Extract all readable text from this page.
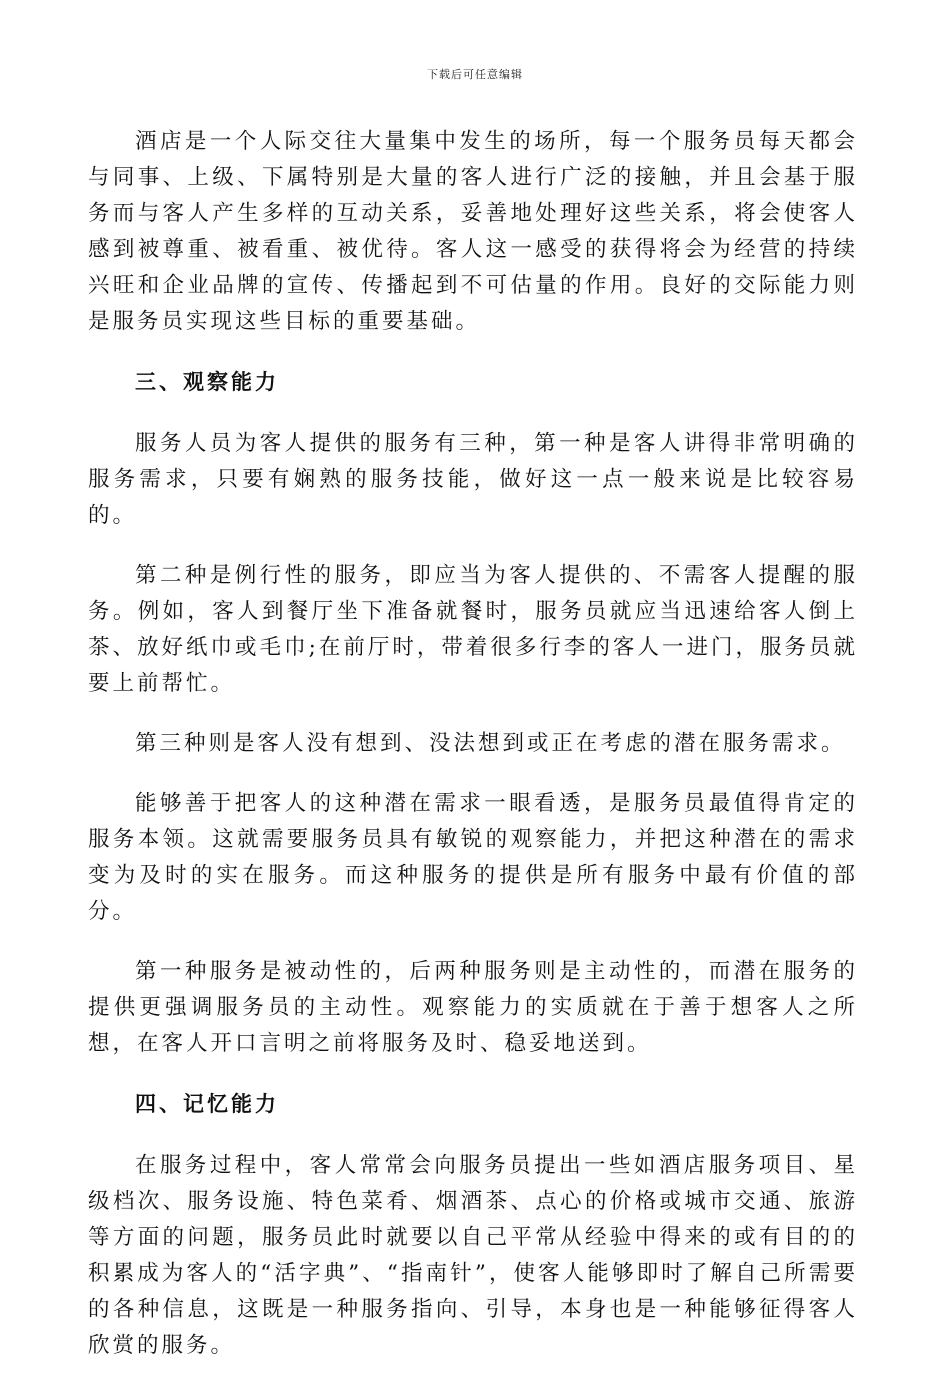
下载后可任意编辑

酒店是一个人际交往大量集中发生的场所，每一个服务员每天都会与同事、上级、下属特别是大量的客人进行广泛的接触，并且会基于服务而与客人产生多样的互动关系，妥善地处理好这些关系，将会使客人感到被尊重、被看重、被优待。客人这一感受的获得将会为经营的持续兴旺和企业品牌的宣传、传播起到不可估量的作用。良好的交际能力则是服务员实现这些目标的重要基础。

三、观察能力

服务人员为客人提供的服务有三种，第一种是客人讲得非常明确的服务需求，只要有娴熟的服务技能，做好这一点一般来说是比较容易的。

第二种是例行性的服务，即应当为客人提供的、不需客人提醒的服务。例如，客人到餐厅坐下准备就餐时，服务员就应当迅速给客人倒上茶、放好纸巾或毛巾;在前厅时，带着很多行李的客人一进门，服务员就要上前帮忙。

第三种则是客人没有想到、没法想到或正在考虑的潜在服务需求。

能够善于把客人的这种潜在需求一眼看透，是服务员最值得肯定的服务本领。这就需要服务员具有敏锐的观察能力，并把这种潜在的需求变为及时的实在服务。而这种服务的提供是所有服务中最有价值的部分。

第一种服务是被动性的，后两种服务则是主动性的，而潜在服务的提供更强调服务员的主动性。观察能力的实质就在于善于想客人之所想，在客人开口言明之前将服务及时、稳妥地送到。

四、记忆能力

在服务过程中，客人常常会向服务员提出一些如酒店服务项目、星级档次、服务设施、特色菜肴、烟酒茶、点心的价格或城市交通、旅游等方面的问题，服务员此时就要以自己平常从经验中得来的或有目的的积累成为客人的“活字典”、“指南针”，使客人能够即时了解自己所需要的各种信息，这既是一种服务指向、引导，本身也是一种能够征得客人欣赏的服务。
